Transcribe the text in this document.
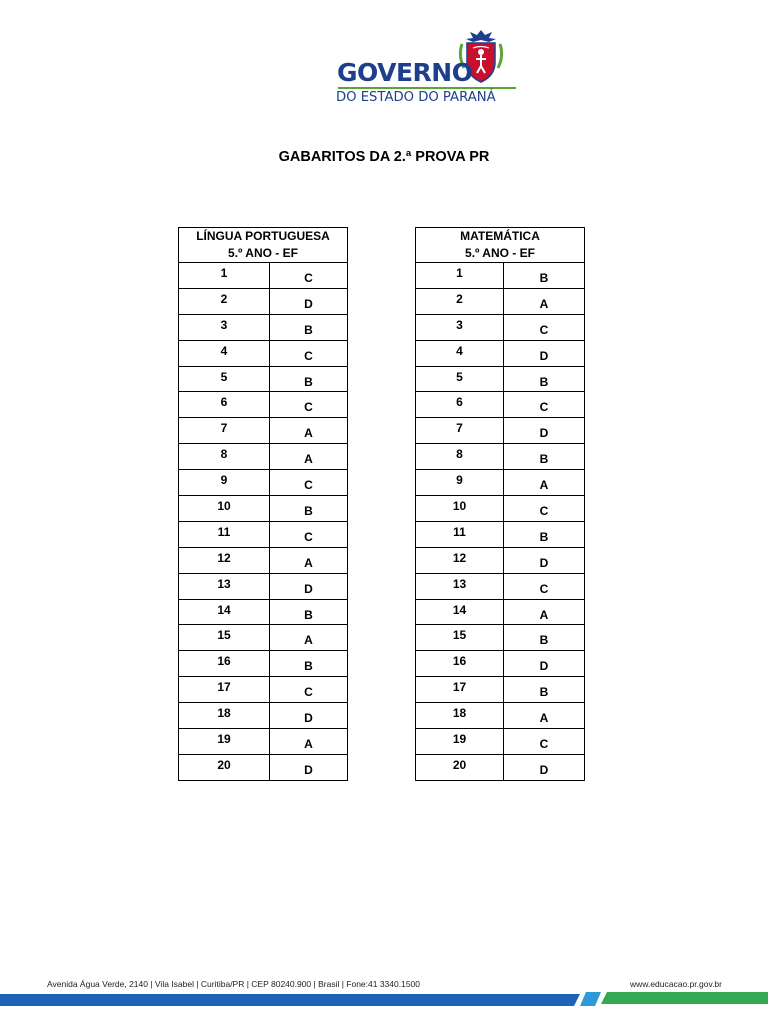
GOVERNO
DO ESTADO DO PARANÁ
GABARITOS DA 2.ª PROVA PR
LÍNGUA PORTUGUESA
5.º ANO - EF	
1	C
2	D
3	B
4	C
5	B
6	C
7	A
8	A
9	C
10	B
11	C
12	A
13	D
14	B
15	A
16	B
17	C
18	D
19	A
20	D
MATEMÁTICA
5.º ANO - EF	
1	B
2	A
3	C
4	D
5	B
6	C
7	D
8	B
9	A
10	C
11	B
12	D
13	C
14	A
15	B
16	D
17	B
18	A
19	C
20	D
Avenida Água Verde, 2140 | Vila Isabel | Curitiba/PR | CEP 80240.900 | Brasil | Fone:41 3340.1500	www.educacao.pr.gov.br
